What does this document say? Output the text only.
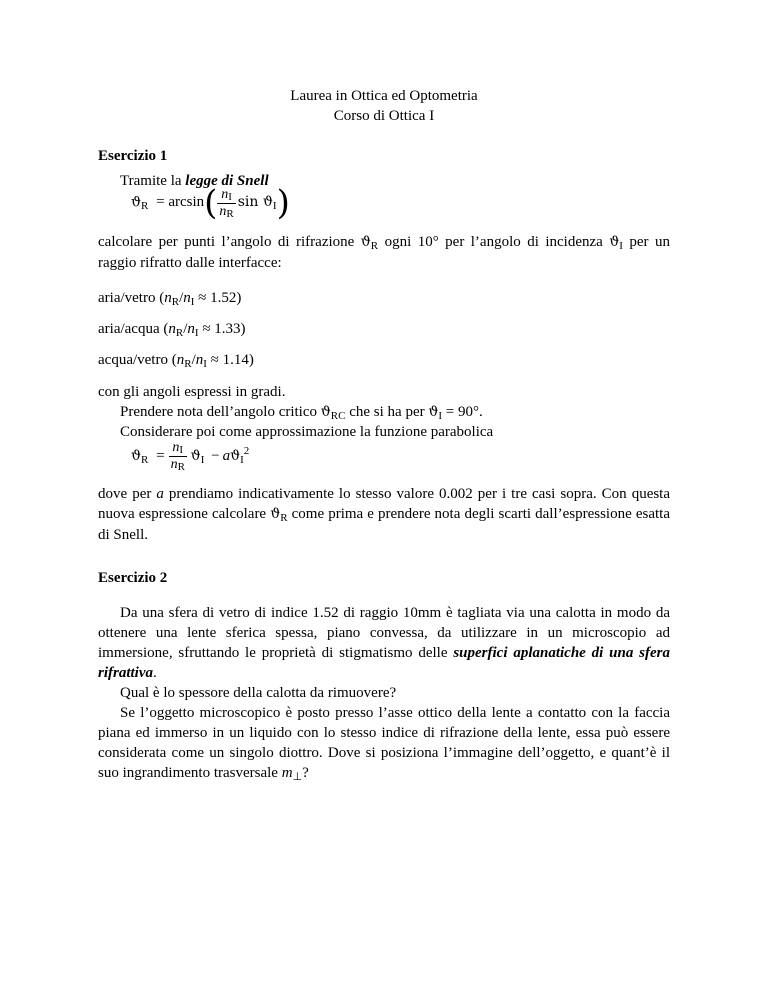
Laurea in Ottica ed Optometria
Corso di Ottica I
Esercizio 1
Tramite la legge di Snell
$ϑ_R = \arcsin( \frac{nI}{nR}$ $\sin ϑ_I$)
calcolare per punti l’angolo di rifrazione $ϑ_R$ ogni 10° per l’angolo di incidenza $ϑ_I$ per un raggio rifratto dalle interfacce:
aria/vetro $(n_R/n_I \approx 1.52)$
aria/acqua $(n_R/n_I \approx 1.33)$
acqua/vetro $(n_R/n_I \approx 1.14)$
con gli angoli espressi in gradi.
Prendere nota dell’angolo critico $ϑ_{RC}$ che si ha per $ϑ_I = 90^\circ$.
Considerare poi come approssimazione la funzione parabolica
$ϑ_R = \frac{nI}{nR} ϑ_I - aϑ_I^2$
dove per a prendiamo indicativamente lo stesso valore 0.002 per i tre casi sopra. Con questa nuova espressione calcolare $ϑ_R$ come prima e prendere nota degli scarti dall’espressione esatta di Snell.
Esercizio 2
Da una sfera di vetro di indice 1.52 di raggio 10mm è tagliata via una calotta in modo da ottenere una lente sferica spessa, piano convessa, da utilizzare in un microscopio ad immersione, sfruttando le proprietà di stigmatismo delle superfici aplanatiche di una sfera rifrattiva.
Qual è lo spessore della calotta da rimuovere?
Se l’oggetto microscopico è posto presso l’asse ottico della lente a contatto con la faccia piana ed immerso in un liquido con lo stesso indice di rifrazione della lente, essa può essere considerata come un singolo diottro. Dove si posiziona l’immagine dell’oggetto, e quant’è il suo ingrandimento trasversale $m_\perp$?
